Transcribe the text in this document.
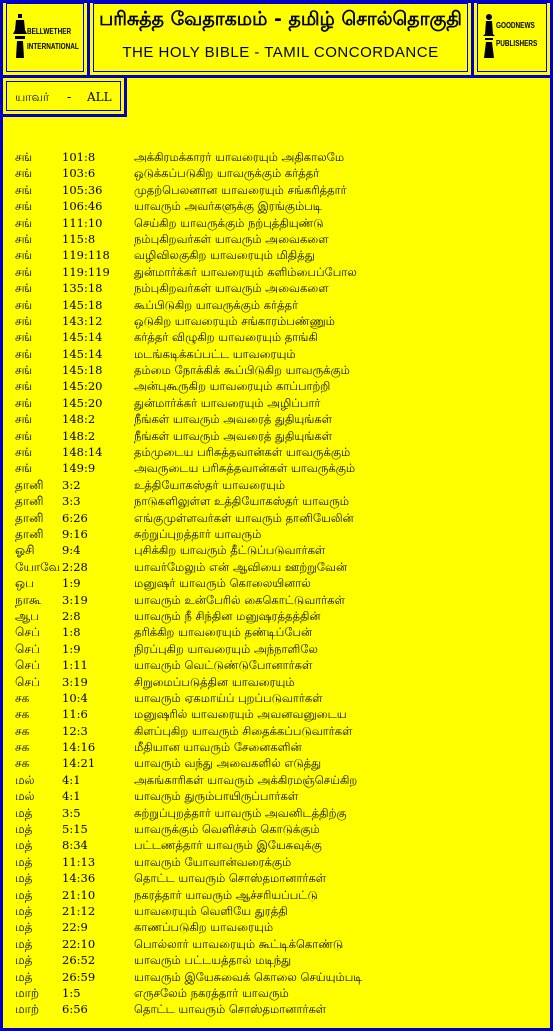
BELLWETHER
INTERNATIONAL
பரிசுத்த வேதாகமம் - தமிழ் சொல்தொகுதி
THE HOLY BIBLE - TAMIL CONCORDANCE
GOODNEWS
PUBLISHERS
யாவர் - ALL
சங்	101:8	அக்கிரமக்காரர் யாவரையும் அதிகாலமே
சங்	103:6	ஒடுக்கப்படுகிற யாவருக்கும் கர்த்தர்
சங்	105:36	முதற்பெலனான யாவரையும் சங்கரித்தார்
சங்	106:46	யாவரும் அவர்களுக்கு இரங்கும்படி
சங்	111:10	செய்கிற யாவருக்கும் நற்புத்தியுண்டு
சங்	115:8	நம்புகிறவர்கள் யாவரும் அவைகளை
சங்	119:118 வழிவிலகுகிற யாவரையும் மிதித்து
சங்	119:119 துன்மார்க்கர் யாவரையும் களிம்பைப்போல
சங்	135:18	நம்புகிறவர்கள் யாவரும் அவைகளை
சங்	145:18	கூப்பிடுகிற யாவருக்கும் கர்த்தர்
சங்	143:12	ஒடுகிற யாவரையும் சங்காரம்பண்ணும்
சங்	145:14	கர்த்தர் விழுகிற யாவரையும் தாங்கி
சங்	145:14	மடங்கடிக்கப்பட்ட யாவரையும்
சங்	145:18	தம்மை நோக்கிக் கூப்பிடுகிற யாவருக்கும்
சங்	145:20	அன்புகூருகிற யாவரையும் காப்பாற்றி
சங்	145:20	துன்மார்க்கர் யாவரையும் அழிப்பார்
சங்	148:2	நீங்கள் யாவரும் அவரைத் துதியுங்கள்
சங்	148:2	நீங்கள் யாவரும் அவரைத் துதியுங்கள்
சங்	148:14	தம்முடைய பரிசுத்தவான்கள் யாவருக்கும்
சங்	149:9	அவருடைய பரிசுத்தவான்கள் யாவருக்கும்
தானி 3:2	உத்தியோகஸ்தர் யாவரையும்
தானி 3:3	நாடுகளிலுள்ள உத்தியோகஸ்தர் யாவரும்
தானி 6:26	எங்குமுள்ளவர்கள் யாவரும் தானியேலின்
தானி 9:16	சுற்றுப்புறத்தார் யாவரும்
ஓசி 9:4	புசிக்கிற யாவரும் தீட்டுப்படுவார்கள்
யோவே 2:28	யாவர்மேலும் என் ஆவியை ஊற்றுவேன்
ஒப 1:9	மனுஷர் யாவரும் கொலையினால்
நாகூ 3:19	யாவரும் உன்பேரில் கைகொட்டுவார்கள்
ஆப 2:8	யாவரும் நீ சிந்தின மனுஷரத்தத்தின்
செப் 1:8	தரிக்கிற யாவரையும் தண்டிப்பேன்
செப் 1:9	நிரப்புகிற யாவரையும் அந்நாளிலே
செப் 1:11	யாவரும் வெட்டுண்டுபோனார்கள்
செப் 3:19	சிறுமைப்படுத்தின யாவரையும்
சக	10:4	யாவரும் ஏகமாய்ப் புறப்படுவார்கள்
சக	11:6	மனுஷரில் யாவரையும் அவனவனுடைய
சக	12:3	கிளப்புகிற யாவரும் சிதைக்கப்படுவார்கள்
சக	14:16	மீதியான யாவரும் சேனைகளின்
சக	14:21	யாவரும் வந்து அவைகளில் எடுத்து
மல் 4:1	அகங்காரிகள் யாவரும் அக்கிரமஞ்செய்கிற
மல் 4:1	யாவரும் துரும்பாயிருப்பார்கள்
மத்	3:5	சுற்றுப்புறத்தார் யாவரும் அவனிடத்திற்கு
மத்	5:15	யாவருக்கும் வெளிச்சம் கொடுக்கும்
மத்	8:34	பட்டணத்தார் யாவரும் இயேசுவுக்கு
மத்	11:13	யாவரும் யோவான்வரைக்கும்
மத்	14:36	தொட்ட யாவரும் சொஸ்தமானார்கள்
மத்	21:10	நகரத்தார் யாவரும் ஆச்சரியப்பட்டு
மத்	21:12	யாவரையும் வெளியே துரத்தி
மத்	22:9	காணப்படுகிற யாவரையும்
மத்	22:10	பொல்லார் யாவரையும் கூட்டிக்கொண்டு
மத்	26:52	யாவரும் பட்டயத்தால் மடிந்து
மத்	26:59	யாவரும் இயேசுவைக் கொலை செய்யும்படி
மாற் 1:5	எருசலேம் நகரத்தார் யாவரும்
மாற் 6:56	தொட்ட யாவரும் சொஸ்தமானார்கள்
